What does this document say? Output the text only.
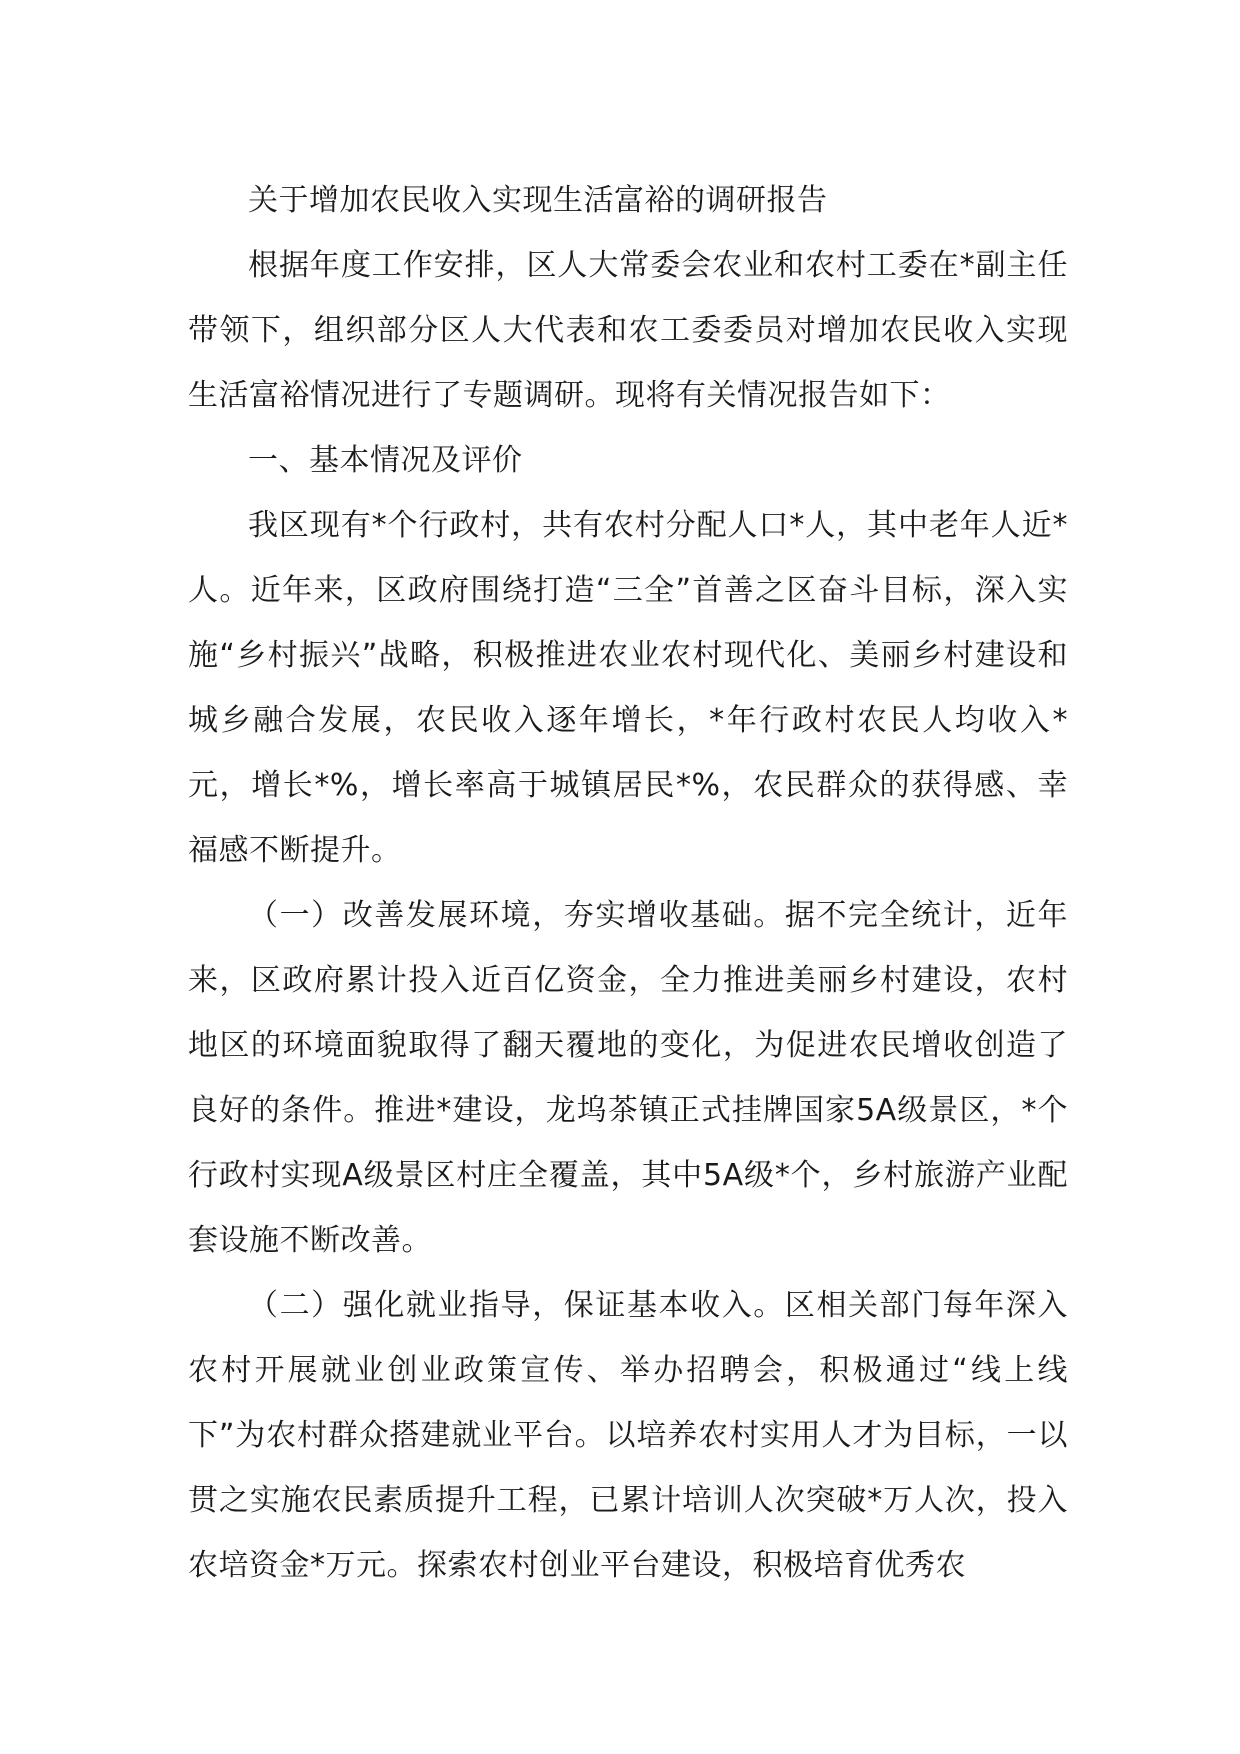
关于增加农民收入实现生活富裕的调研报告

根据年度工作安排，区人大常委会农业和农村工委在*副主任带领下，组织部分区人大代表和农工委委员对增加农民收入实现生活富裕情况进行了专题调研。现将有关情况报告如下：

一、基本情况及评价

我区现有*个行政村，共有农村分配人口*人，其中老年人近*人。近年来，区政府围绕打造“三全”首善之区奋斗目标，深入实施“乡村振兴”战略，积极推进农业农村现代化、美丽乡村建设和城乡融合发展，农民收入逐年增长，*年行政村农民人均收入*元，增长*%，增长率高于城镇居民*%，农民群众的获得感、幸福感不断提升。

（一）改善发展环境，夯实增收基础。据不完全统计，近年来，区政府累计投入近百亿资金，全力推进美丽乡村建设，农村地区的环境面貌取得了翻天覆地的变化，为促进农民增收创造了良好的条件。推进*建设，龙坞茶镇正式挂牌国家5A级景区，*个行政村实现A级景区村庄全覆盖，其中5A级*个，乡村旅游产业配套设施不断改善。

（二）强化就业指导，保证基本收入。区相关部门每年深入农村开展就业创业政策宣传、举办招聘会，积极通过“线上线下”为农村群众搭建就业平台。以培养农村实用人才为目标，一以贯之实施农民素质提升工程，已累计培训人次突破*万人次，投入农培资金*万元。探索农村创业平台建设，积极培育优秀农
